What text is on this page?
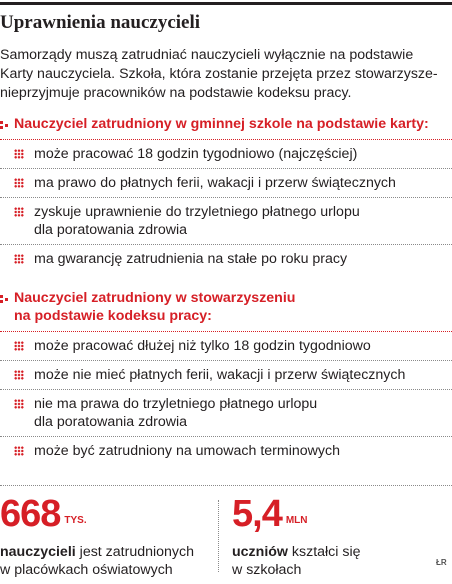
Uprawnienia nauczycieli

Samorządy muszą zatrudniać nauczycieli wyłącznie na podstawie
Karty nauczyciela. Szkoła, która zostanie przejęta przez stowarzysze-
nieprzyjmuje pracowników na podstawie kodeksu pracy.

Nauczyciel zatrudniony w gminnej szkole na podstawie karty:
może pracować 18 godzin tygodniowo (najczęściej)
ma prawo do płatnych ferii, wakacji i przerw świątecznych
zyskuje uprawnienie do trzyletniego płatnego urlopu
dla poratowania zdrowia
ma gwarancję zatrudnienia na stałe po roku pracy
Nauczyciel zatrudniony w stowarzyszeniu
na podstawie kodeksu pracy:
może pracować dłużej niż tylko 18 godzin tygodniowo
może nie mieć płatnych ferii, wakacji i przerw świątecznych
nie ma prawa do trzyletniego płatnego urlopu
dla poratowania zdrowia
może być zatrudniony na umowach terminowych
668 TYS.
nauczycieli jest zatrudnionych
w placówkach oświatowych
5,4 MLN
uczniów kształci się
w szkołach	ŁR
